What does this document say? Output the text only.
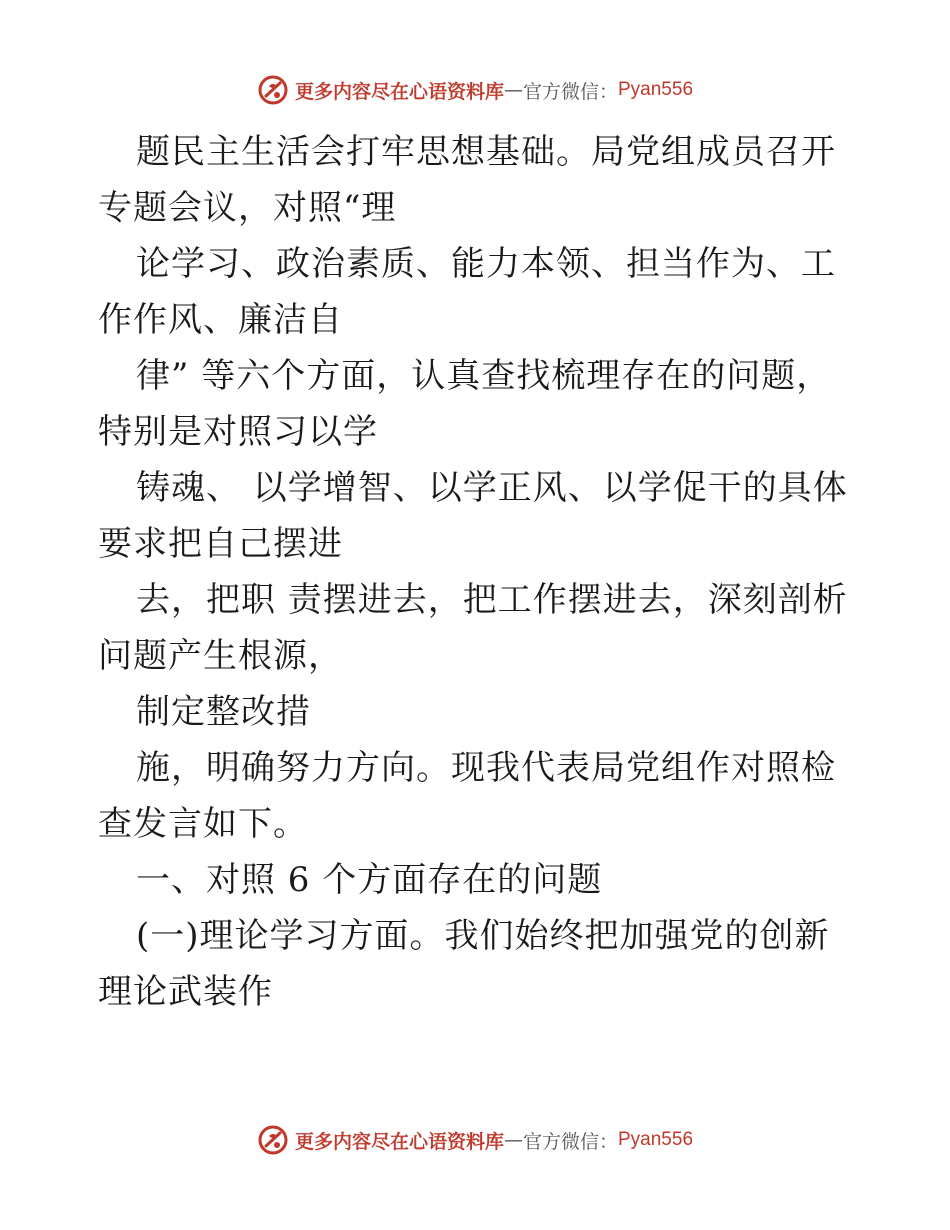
更多内容尽在心语资料库 — 官方微信： Pyan556

题民主生活会打牢思想基础。局党组成员召开专题会议，对照“理

论学习、政治素质、能力本领、担当作为、工作作风、廉洁自

律” 等六个方面，认真查找梳理存在的问题，特别是对照习以学

铸魂、 以学增智、以学正风、以学促干的具体要求把自己摆进

去，把职 责摆进去，把工作摆进去，深刻剖析问题产生根源，

制定整改措

施，明确努力方向。现我代表局党组作对照检查发言如下。

一、对照 6 个方面存在的问题

(一)理论学习方面。我们始终把加强党的创新理论武装作

更多内容尽在心语资料库 — 官方微信： Pyan556
